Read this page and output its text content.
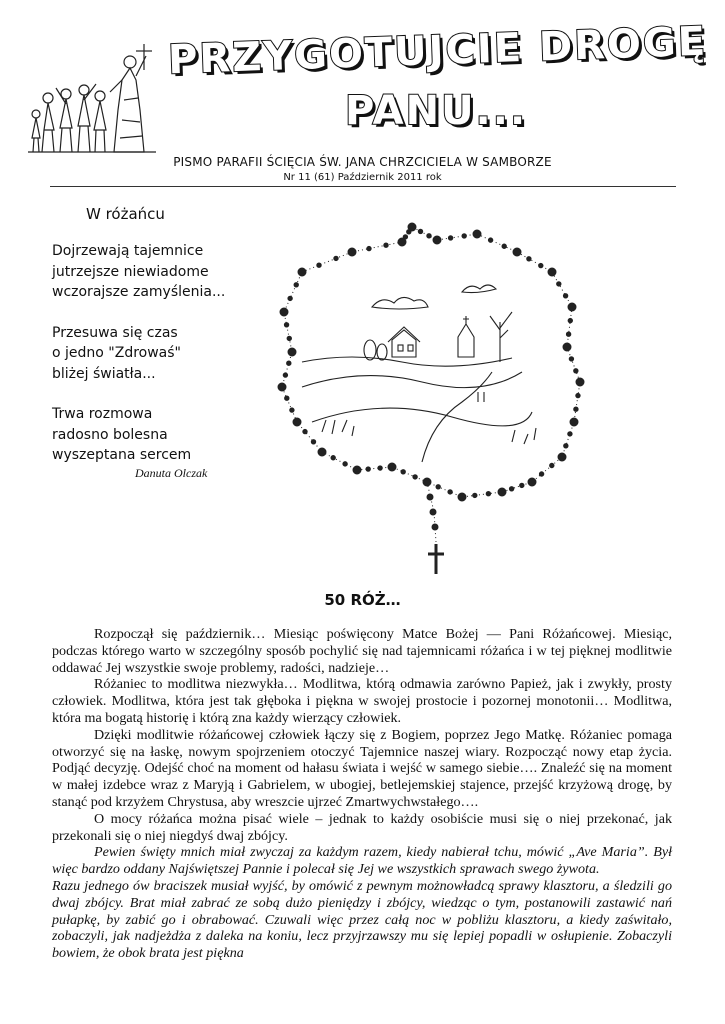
PRZYGOTUJCIE DROGĘ
PANU...
PISMO PARAFII ŚCIĘCIA ŚW. JANA CHRZCICIELA W SAMBORZE
Nr 11 (61) Październik 2011 rok
W różańcu

Dojrzewają tajemnice

jutrzejsze niewiadome

wczorajsze zamyślenia...

Przesuwa się czas

o jedno "Zdrowaś"

bliżej światła...

Trwa rozmowa

radosno bolesna

wyszeptana sercem

Danuta Olczak
50 RÓŻ…

Rozpoczął się październik… Miesiąc poświęcony Matce Bożej — Pani Różańcowej. Miesiąc, podczas którego warto w szczególny sposób pochylić się nad tajemnicami różańca i w tej pięknej modlitwie oddawać Jej wszystkie swoje problemy, radości, nadzieje…

Różaniec to modlitwa niezwykła… Modlitwa, którą odmawia zarówno Papież, jak i zwykły, prosty człowiek. Modlitwa, która jest tak głęboka i piękna w swojej prostocie i pozornej monotonii… Modlitwa, która ma bogatą historię i którą zna każdy wierzący człowiek.

Dzięki modlitwie różańcowej człowiek łączy się z Bogiem, poprzez Jego Matkę. Różaniec pomaga otworzyć się na łaskę, nowym spojrzeniem otoczyć Tajemnice naszej wiary. Rozpocząć nowy etap życia. Podjąć decyzję. Odejść choć na moment od hałasu świata i wejść w samego siebie…. Znaleźć się na moment w małej izdebce wraz z Maryją i Gabrielem, w ubogiej, betlejemskiej stajence, przejść krzyżową drogę, by stanąć pod krzyżem Chrystusa, aby wreszcie ujrzeć Zmartwychwstałego….

O mocy różańca można pisać wiele – jednak to każdy osobiście musi się o niej przekonać, jak przekonali się o niej niegdyś dwaj zbójcy.

Pewien święty mnich miał zwyczaj za każdym razem, kiedy nabierał tchu, mówić „Ave Maria”. Był więc bardzo oddany Najświętszej Pannie i polecał się Jej we wszystkich sprawach swego żywota.

Razu jednego ów braciszek musiał wyjść, by omówić z pewnym możnowładcą sprawy klasztoru, a śledzili go dwaj zbójcy. Brat miał zabrać ze sobą dużo pieniędzy i zbójcy, wiedząc o tym, postanowili zastawić nań pułapkę, by zabić go i obrabować. Czuwali więc przez całą noc w pobliżu klasztoru, a kiedy zaświtało, zobaczyli, jak nadjeżdża z daleka na koniu, lecz przyjrzawszy mu się lepiej popadli w osłupienie. Zobaczyli bowiem, że obok brata jest piękna
